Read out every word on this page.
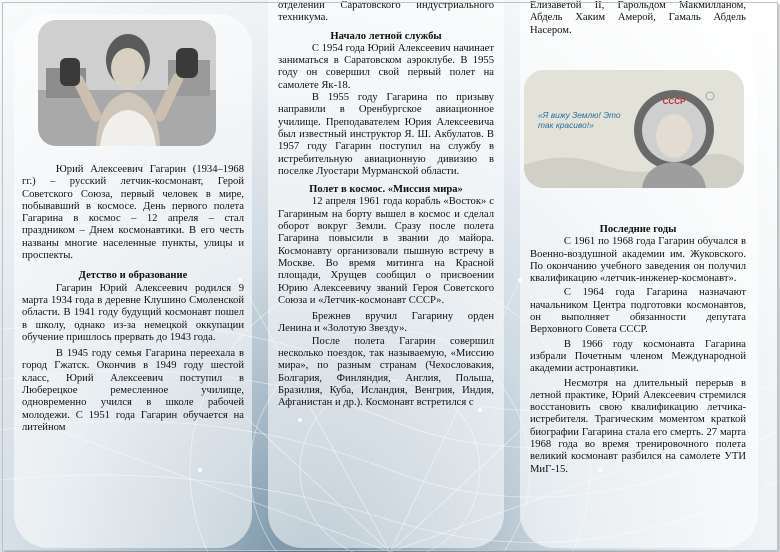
Юрий Алексеевич Гагарин (1934–1968 гг.) – русский летчик-космонавт, Герой Советского Союза, первый человек в мире, побывавший в космосе. День первого полета Гагарина в космос – 12 апреля – стал праздником – Днем космонавтики. В его честь названы многие населенные пункты, улицы и проспекты.

Детство и образование

Гагарин Юрий Алексеевич родился 9 марта 1934 года в деревне Клушино Смоленской области. В 1941 году будущий космонавт пошел в школу, однако из-за немецкой оккупации обучение пришлось прервать до 1943 года.

В 1945 году семья Гагарина переехала в город Гжатск. Окончив в 1949 году шестой класс, Юрий Алексеевич поступил в Люберецкое ремесленное училище, одновременно учился в школе рабочей молодежи. С 1951 года Гагарин обучается на литейном

отделении Саратовского индустриального техникума.

Начало летной службы

С 1954 года Юрий Алексеевич начинает заниматься в Саратовском аэроклубе. В 1955 году он совершил свой первый полет на самолете Як-18.

В 1955 году Гагарина по призыву направили в Оренбургское авиационное училище. Преподавателем Юрия Алексеевича был известный инструктор Я. Ш. Акбулатов. В 1957 году Гагарин поступил на службу в истребительную авиационную дивизию в поселке Луостари Мурманской области.

Полет в космос. «Миссия мира»

12 апреля 1961 года корабль «Восток» с Гагариным на борту вышел в космос и сделал оборот вокруг Земли. Сразу после полета Гагарина повысили в звании до майора. Космонавту организовали пышную встречу в Москве. Во время митинга на Красной площади, Хрущев сообщил о присвоении Юрию Алексеевичу званий Героя Советского Союза и «Летчик-космонавт СССР».

Брежнев вручил Гагарину орден Ленина и «Золотую Звезду».

После полета Гагарин совершил несколько поездок, так называемую, «Миссию мира», по разным странам (Чехословакия, Болгария, Финляндия, Англия, Польша, Бразилия, Куба, Исландия, Венгрия, Индия, Афганистан и др.). Космонавт встретился с

Елизаветой II, Гарольдом Макмилланом, Абдель Хаким Амерой, Гамаль Абдель Насером.

СССР
«Я вижу Землю! Это так красиво!»

Последние годы

С 1961 по 1968 года Гагарин обучался в Военно-воздушной академии им. Жуковского. По окончанию учебного заведения он получил квалификацию «летчик-инженер-космонавт».

С 1964 года Гагарина назначают начальником Центра подготовки космонавтов, он выполняет обязанности депутата Верховного Совета СССР.

В 1966 году космонавта Гагарина избрали Почетным членом Международной академии астронавтики.

Несмотря на длительный перерыв в летной практике, Юрий Алексеевич стремился восстановить свою квалификацию летчика-истребителя. Трагическим моментом краткой биографии Гагарина стала его смерть. 27 марта 1968 года во время тренировочного полета великий космонавт разбился на самолете УТИ МиГ-15.
